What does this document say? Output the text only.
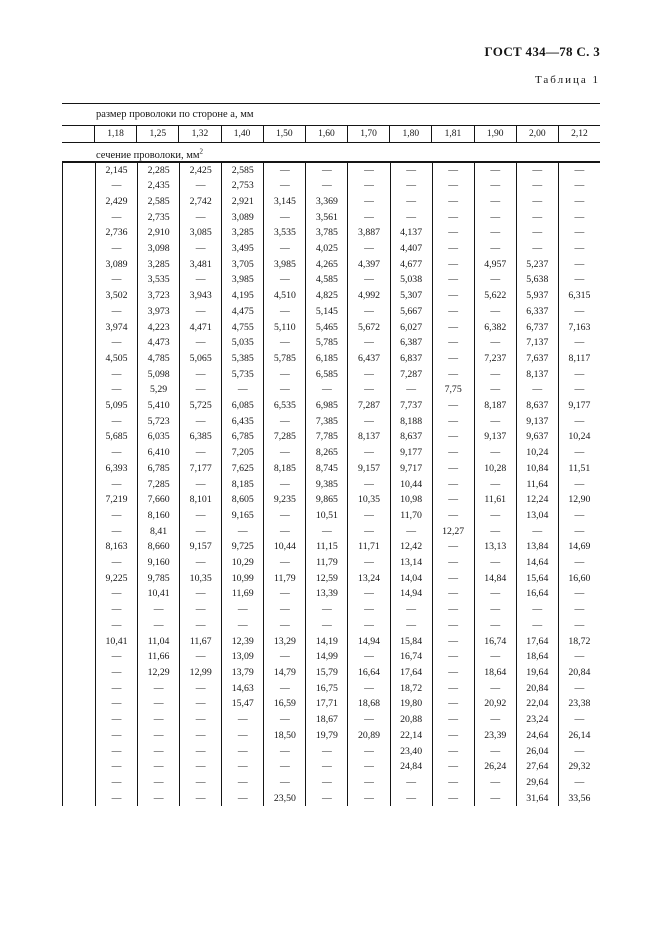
ГОСТ 434—78 С. 3
Таблица 1
размер проволоки по стороне а, мм
1,18	1,25	1,32	1,40	1,50	1,60	1,70	1,80	1,81	1,90	2,00	2,12
сечение проволоки, $мм^2$
2,145	2,285	2,425	2,585	—	—	—	—	—	—	—	—
—	2,435	—	2,753	—	—	—	—	—	—	—	—
2,429	2,585	2,742	2,921	3,145	3,369	—	—	—	—	—	—
—	2,735	—	3,089	—	3,561	—	—	—	—	—	—
2,736	2,910	3,085	3,285	3,535	3,785	3,887	4,137	—	—	—	—
—	3,098	—	3,495	—	4,025	—	4,407	—	—	—	—
3,089	3,285	3,481	3,705	3,985	4,265	4,397	4,677	—	4,957	5,237	—
—	3,535	—	3,985	—	4,585	—	5,038	—	—	5,638	—
3,502	3,723	3,943	4,195	4,510	4,825	4,992	5,307	—	5,622	5,937	6,315
—	3,973	—	4,475	—	5,145	—	5,667	—	—	6,337	—
3,974	4,223	4,471	4,755	5,110	5,465	5,672	6,027	—	6,382	6,737	7,163
—	4,473	—	5,035	—	5,785	—	6,387	—	—	7,137	—
4,505	4,785	5,065	5,385	5,785	6,185	6,437	6,837	—	7,237	7,637	8,117
—	5,098	—	5,735	—	6,585	—	7,287	—	—	8,137	—
—	5,29	—	—	—	—	—	—	7,75	—	—	—
5,095	5,410	5,725	6,085	6,535	6,985	7,287	7,737	—	8,187	8,637	9,177
—	5,723	—	6,435	—	7,385	—	8,188	—	—	9,137	—
5,685	6,035	6,385	6,785	7,285	7,785	8,137	8,637	—	9,137	9,637	10,24
—	6,410	—	7,205	—	8,265	—	9,177	—	—	10,24	—
6,393	6,785	7,177	7,625	8,185	8,745	9,157	9,717	—	10,28	10,84	11,51
—	7,285	—	8,185	—	9,385	—	10,44	—	—	11,64	—
7,219	7,660	8,101	8,605	9,235	9,865	10,35	10,98	—	11,61	12,24	12,90
—	8,160	—	9,165	—	10,51	—	11,70	—	—	13,04	—
—	8,41	—	—	—	—	—	—	12,27	—	—	—
8,163	8,660	9,157	9,725	10,44	11,15	11,71	12,42	—	13,13	13,84	14,69
—	9,160	—	10,29	—	11,79	—	13,14	—	—	14,64	—
9,225	9,785	10,35	10,99	11,79	12,59	13,24	14,04	—	14,84	15,64	16,60
—	10,41	—	11,69	—	13,39	—	14,94	—	—	16,64	—
—	—	—	—	—	—	—	—	—	—	—	—
—	—	—	—	—	—	—	—	—	—	—	—
10,41	11,04	11,67	12,39	13,29	14,19	14,94	15,84	—	16,74	17,64	18,72
—	11,66	—	13,09	—	14,99	—	16,74	—	—	18,64	—
—	12,29	12,99	13,79	14,79	15,79	16,64	17,64	—	18,64	19,64	20,84
—	—	—	14,63	—	16,75	—	18,72	—	—	20,84	—
—	—	—	15,47	16,59	17,71	18,68	19,80	—	20,92	22,04	23,38
—	—	—	—	—	18,67	—	20,88	—	—	23,24	—
—	—	—	—	18,50	19,79	20,89	22,14	—	23,39	24,64	26,14
—	—	—	—	—	—	—	23,40	—	—	26,04	—
—	—	—	—	—	—	—	24,84	—	26,24	27,64	29,32
—	—	—	—	—	—	—	—	—	—	29,64	—
—	—	—	—	23,50	—	—	—	—	—	31,64	33,56
